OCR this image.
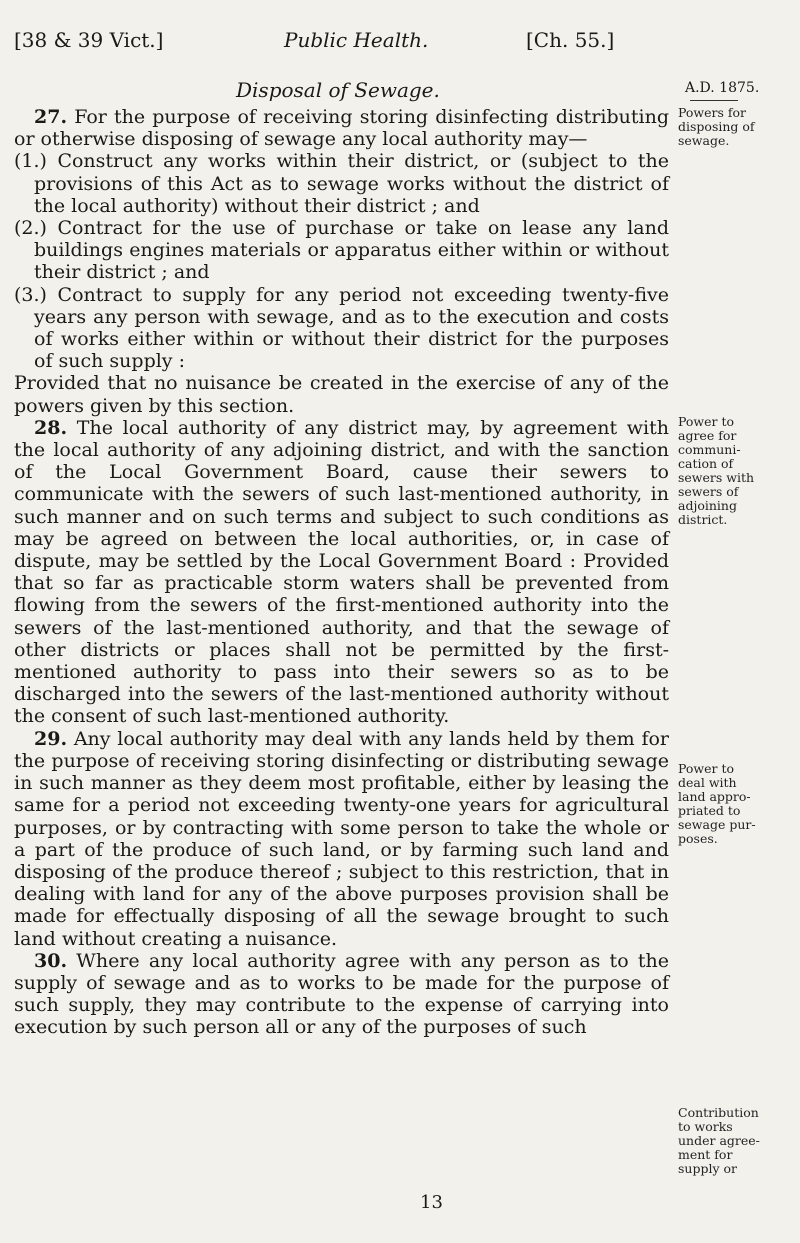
[38 & 39 Vict.]	Public Health.	[Ch. 55.]
A.D. 1875.
Disposal of Sewage.

27. For the purpose of receiving storing disinfecting distributing or otherwise disposing of sewage any local authority may—

(1.) Construct any works within their district, or (subject to the provisions of this Act as to sewage works without the district of the local authority) without their district ; and

(2.) Contract for the use of purchase or take on lease any land buildings engines materials or apparatus either within or without their district ; and

(3.) Contract to supply for any period not exceeding twenty-five years any person with sewage, and as to the execution and costs of works either within or without their district for the purposes of such supply :

Provided that no nuisance be created in the exercise of any of the powers given by this section.

28. The local authority of any district may, by agreement with the local authority of any adjoining district, and with the sanction of the Local Government Board, cause their sewers to communicate with the sewers of such last-mentioned authority, in such manner and on such terms and subject to such conditions as may be agreed on between the local authorities, or, in case of dispute, may be settled by the Local Government Board : Provided that so far as practicable storm waters shall be prevented from flowing from the sewers of the first-mentioned authority into the sewers of the last-mentioned authority, and that the sewage of other districts or places shall not be permitted by the first-mentioned authority to pass into their sewers so as to be discharged into the sewers of the last-mentioned authority without the consent of such last-mentioned authority.

29. Any local authority may deal with any lands held by them for the purpose of receiving storing disinfecting or distributing sewage in such manner as they deem most profitable, either by leasing the same for a period not exceeding twenty-one years for agricultural purposes, or by contracting with some person to take the whole or a part of the produce of such land, or by farming such land and disposing of the produce thereof ; subject to this restriction, that in dealing with land for any of the above purposes provision shall be made for effectually disposing of all the sewage brought to such land without creating a nuisance.

30. Where any local authority agree with any person as to the supply of sewage and as to works to be made for the purpose of such supply, they may contribute to the expense of carrying into execution by such person all or any of the purposes of such

Powers for

disposing of

sewage.

Power to

agree for

communi-

cation of

sewers with

sewers of

adjoining

district.

Power to

deal with

land appro-

priated to

sewage pur-

poses.

Contribution

to works

under agree-

ment for

supply or

13
